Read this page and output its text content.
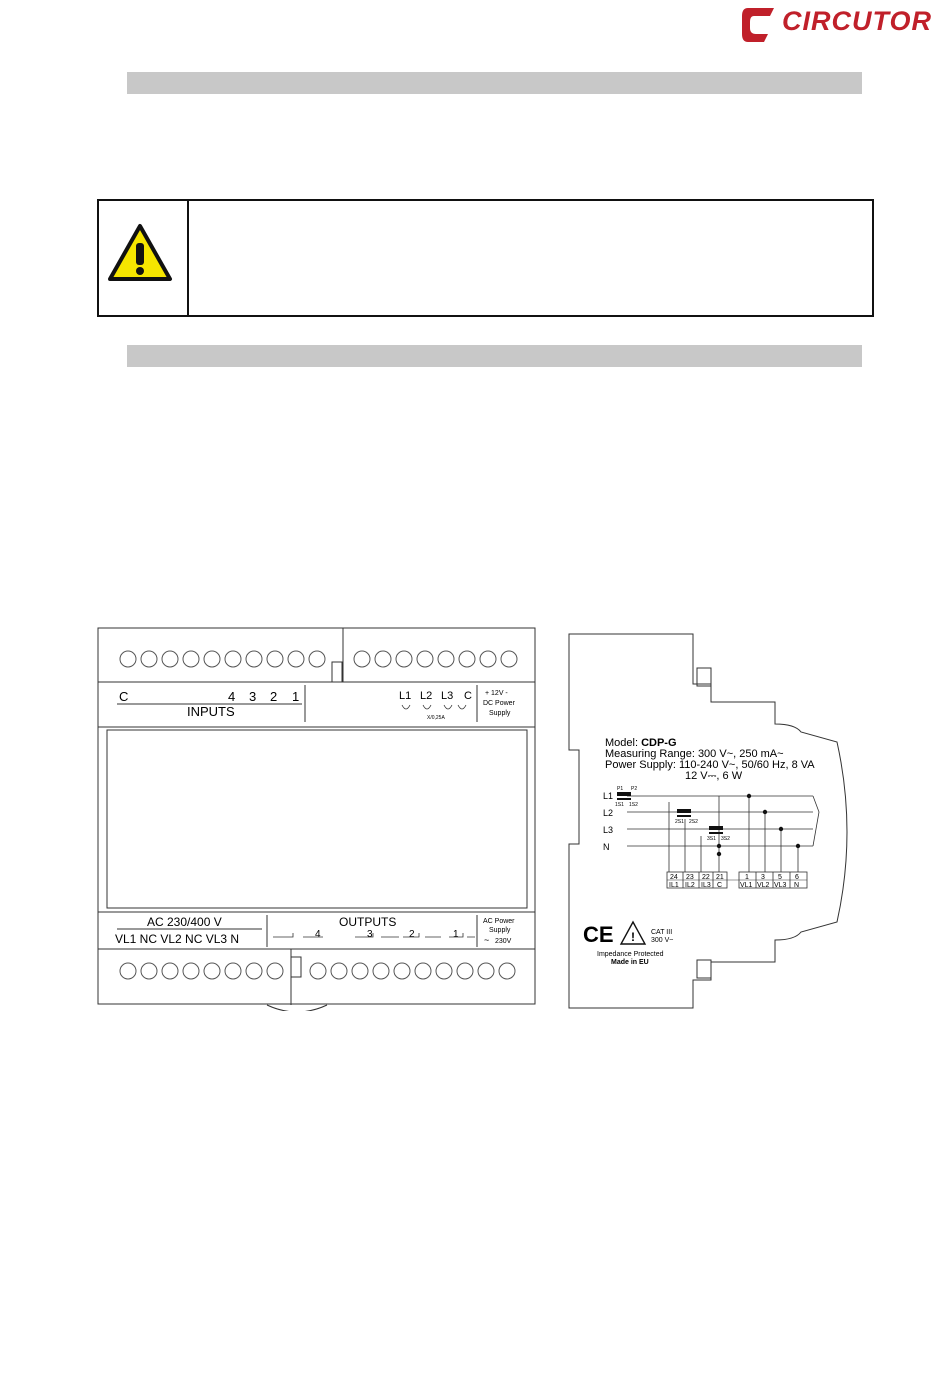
CIRCUTOR
C	4 3 2 1
INPUTS
L1 L2 L3 C
X/0,25A
+ 12V -
DC Power
Supply
AC 230/400 V
VL1 NC VL2 NC VL3 N
OUTPUTS
4	3	2	1
AC Power
Supply
~ 230V
Model: CDP-G
Measuring Range: 300 V~, 250 mA~
Power Supply: 110-240 V~, 50/60 Hz, 8 VA
12 V⎓, 6 W
L1
L2
L3
N
P1 P2
1S1 1S2
2S1 2S2
3S1 3S2
24 23 22 21	1 3 5 6
IL1 IL2 IL3 C	VL1 VL2 VL3 N
CE ! CAT III
300 V~
Impedance Protected
Made in EU
